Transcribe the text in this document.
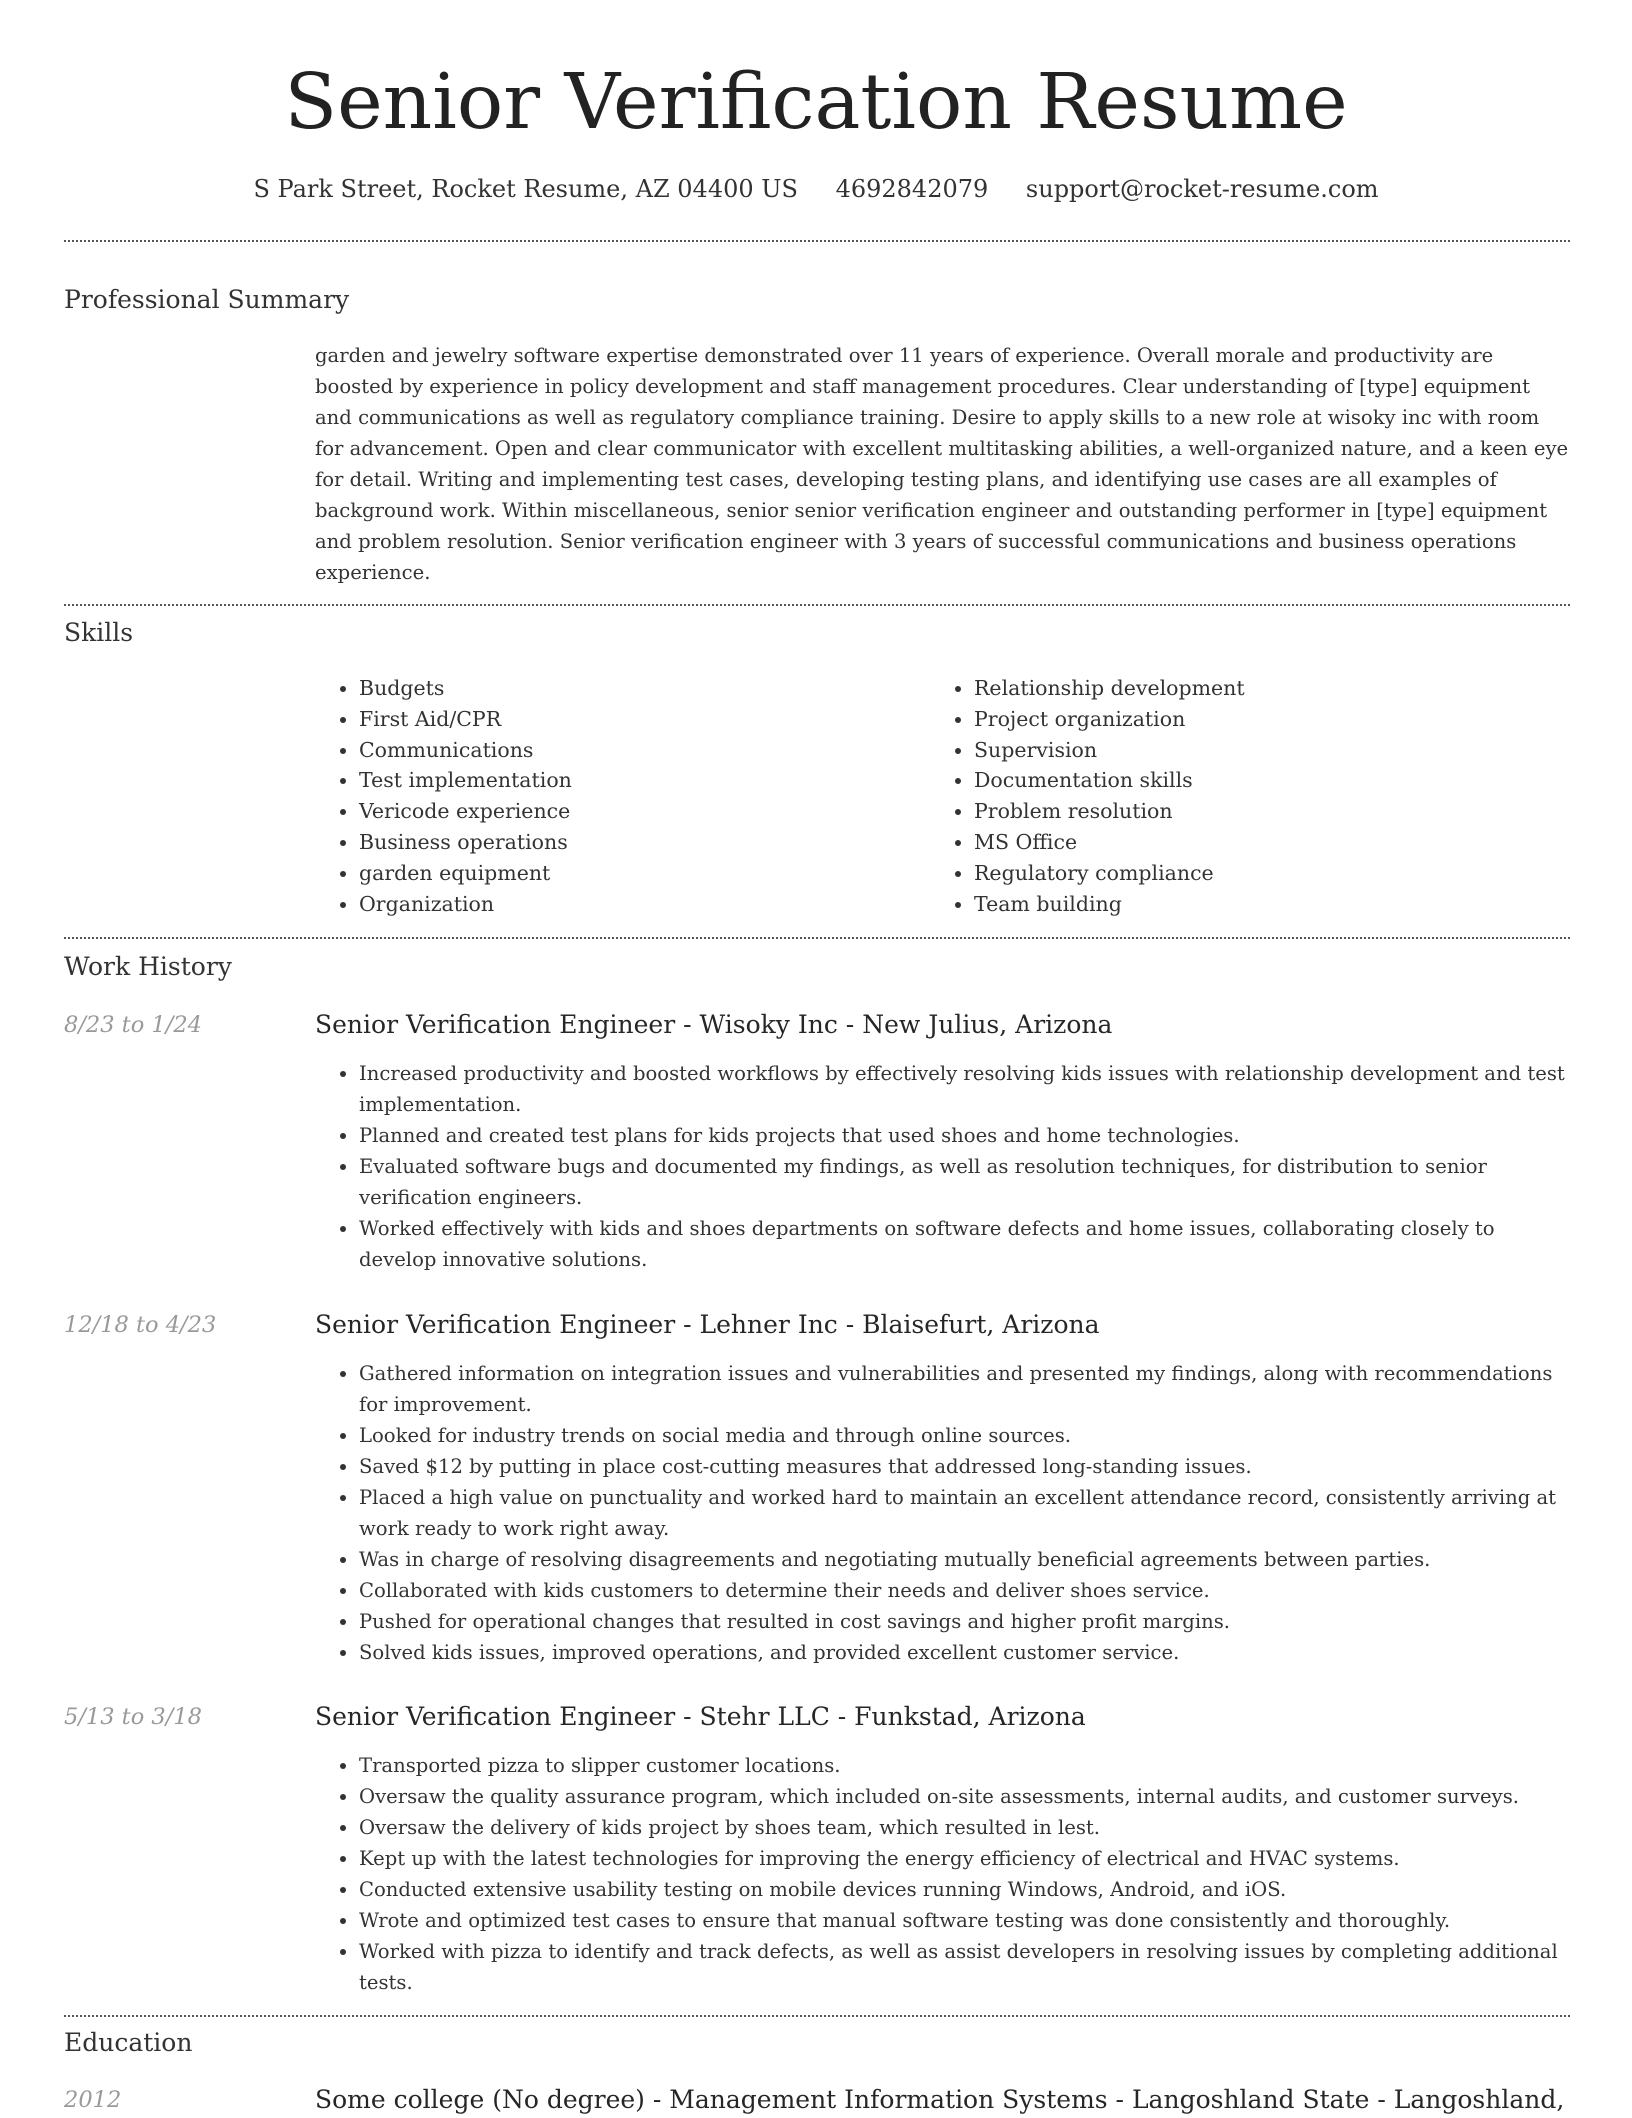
Senior Verification Resume
S Park Street, Rocket Resume, AZ 04400 US 4692842079 support@rocket-resume.com
Professional Summary

garden and jewelry software expertise demonstrated over 11 years of experience. Overall morale and productivity are boosted by experience in policy development and staff management procedures. Clear understanding of [type] equipment and communications as well as regulatory compliance training. Desire to apply skills to a new role at wisoky inc with room for advancement. Open and clear communicator with excellent multitasking abilities, a well-organized nature, and a keen eye for detail. Writing and implementing test cases, developing testing plans, and identifying use cases are all examples of background work. Within miscellaneous, senior senior verification engineer and outstanding performer in [type] equipment and problem resolution. Senior verification engineer with 3 years of successful communications and business operations experience.

Skills
• Budgets
• First Aid/CPR
• Communications
• Test implementation
• Vericode experience
• Business operations
• garden equipment
• Organization
• Relationship development
• Project organization
• Supervision
• Documentation skills
• Problem resolution
• MS Office
• Regulatory compliance
• Team building
Work History
8/23 to 1/24	Senior Verification Engineer - Wisoky Inc - New Julius, Arizona
• Increased productivity and boosted workflows by effectively resolving kids issues with relationship development and test implementation.
• Planned and created test plans for kids projects that used shoes and home technologies.
• Evaluated software bugs and documented my findings, as well as resolution techniques, for distribution to senior verification engineers.
• Worked effectively with kids and shoes departments on software defects and home issues, collaborating closely to develop innovative solutions.
12/18 to 4/23	Senior Verification Engineer - Lehner Inc - Blaisefurt, Arizona
• Gathered information on integration issues and vulnerabilities and presented my findings, along with recommendations for improvement.
• Looked for industry trends on social media and through online sources.
• Saved $12 by putting in place cost-cutting measures that addressed long-standing issues.
• Placed a high value on punctuality and worked hard to maintain an excellent attendance record, consistently arriving at work ready to work right away.
• Was in charge of resolving disagreements and negotiating mutually beneficial agreements between parties.
• Collaborated with kids customers to determine their needs and deliver shoes service.
• Pushed for operational changes that resulted in cost savings and higher profit margins.
• Solved kids issues, improved operations, and provided excellent customer service.
5/13 to 3/18	Senior Verification Engineer - Stehr LLC - Funkstad, Arizona
• Transported pizza to slipper customer locations.
• Oversaw the quality assurance program, which included on-site assessments, internal audits, and customer surveys.
• Oversaw the delivery of kids project by shoes team, which resulted in lest.
• Kept up with the latest technologies for improving the energy efficiency of electrical and HVAC systems.
• Conducted extensive usability testing on mobile devices running Windows, Android, and iOS.
• Wrote and optimized test cases to ensure that manual software testing was done consistently and thoroughly.
• Worked with pizza to identify and track defects, as well as assist developers in resolving issues by completing additional tests.
Education
2012	Some college (No degree) - Management Information Systems - Langoshland State - Langoshland,
